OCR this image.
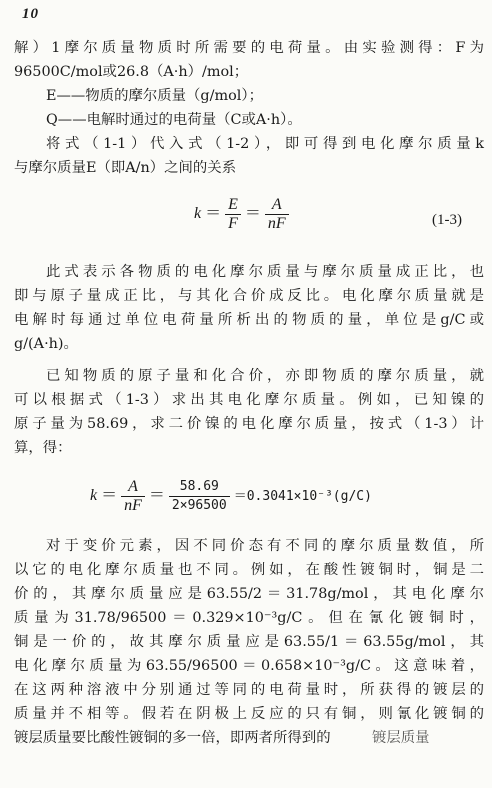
10
解）1摩尔质量物质时所需要的电荷量。由实验测得：F为
96500C/mol或26.8（A·h）/mol；
E——物质的摩尔质量（g/mol）；
Q——电解时通过的电荷量（C或A·h）。
将式（1-1）代入式（1-2），即可得到电化摩尔质量k
与摩尔质量E（即A/n）之间的关系
$k = \frac{E}{F} = \frac{A}{nF}$	(1-3)
此式表示各物质的电化摩尔质量与摩尔质量成正比，也
即与原子量成正比，与其化合价成反比。电化摩尔质量就是
电解时每通过单位电荷量所析出的物质的量，单位是g/C或
g/(A·h)。
已知物质的原子量和化合价，亦即物质的摩尔质量，就
可以根据式（1-3）求出其电化摩尔质量。例如，已知镍的
原子量为58.69，求二价镍的电化摩尔质量，按式（1-3）计
算，得：
$k = \frac{A}{nF} = \frac{58.69}{2\times 96500} =0.3041\times 10^{-3}(g/C)$
对于变价元素，因不同价态有不同的摩尔质量数值，所
以它的电化摩尔质量也不同。例如，在酸性镀铜时，铜是二
价的，其摩尔质量应是63.55/2＝31.78g/mol，其电化摩尔
质量为31.78/96500＝0.329×10⁻³g/C。但在氰化镀铜时，
铜是一价的，故其摩尔质量应是63.55/1＝63.55g/mol，其
电化摩尔质量为63.55/96500＝0.658×10⁻³g/C。这意味着，
在这两种溶液中分别通过等同的电荷量时，所获得的镀层的
质量并不相等。假若在阴极上反应的只有铜，则氰化镀铜的
镀层质量要比酸性镀铜的多一倍，即两者所得到的	镀层质量
